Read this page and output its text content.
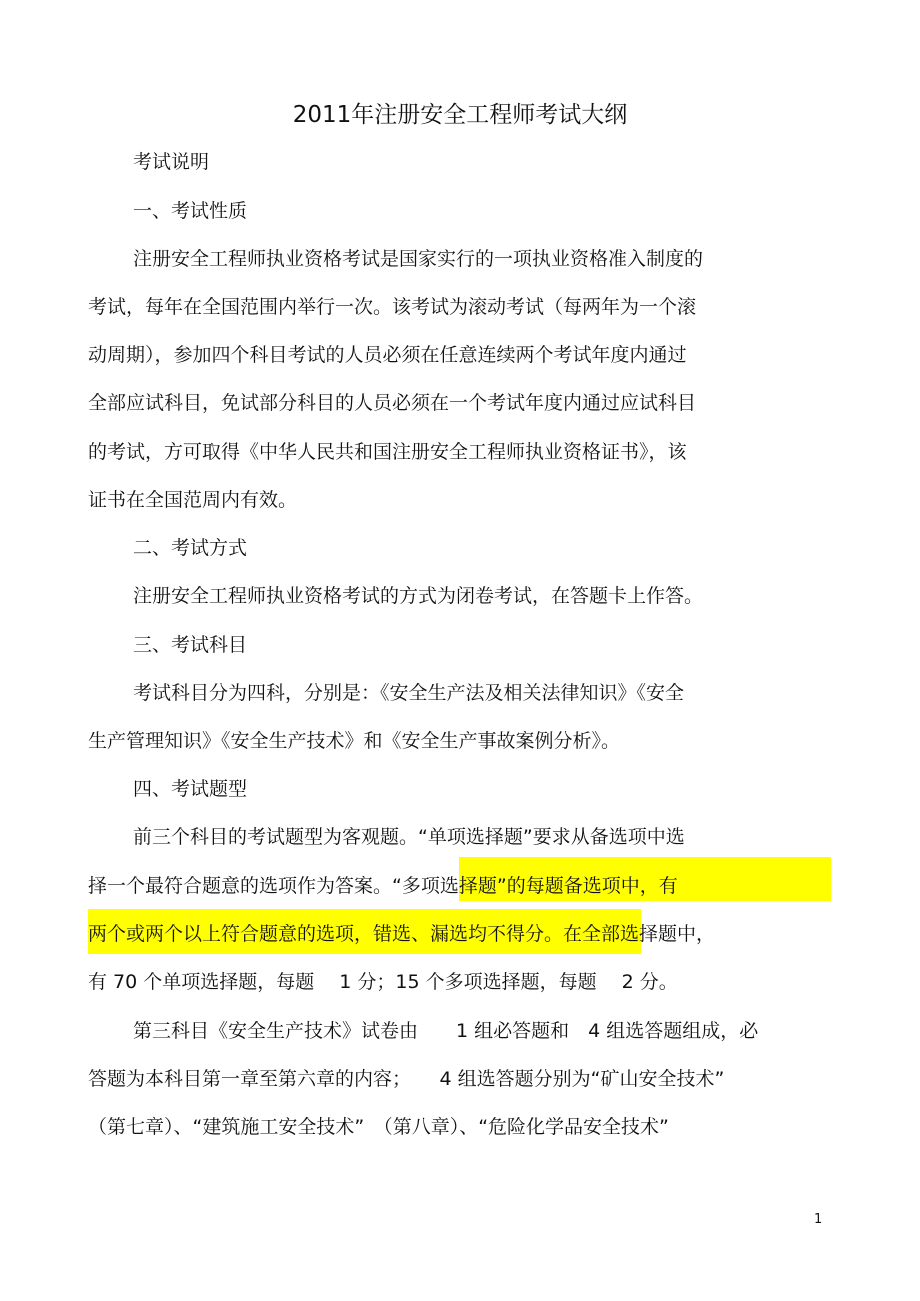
2011年注册安全工程师考试大纲
考试说明
一、考试性质
注册安全工程师执业资格考试是国家实行的一项执业资格准入制度的
考试，每年在全国范围内举行一次。该考试为滚动考试（每两年为一个滚
动周期），参加四个科目考试的人员必须在任意连续两个考试年度内通过
全部应试科目，免试部分科目的人员必须在一个考试年度内通过应试科目
的考试，方可取得《中华人民共和国注册安全工程师执业资格证书》，该
证书在全国范周内有效。
二、考试方式
注册安全工程师执业资格考试的方式为闭卷考试，在答题卡上作答。
三、考试科目
考试科目分为四科，分别是：《安全生产法及相关法律知识》《安全
生产管理知识》《安全生产技术》和《安全生产事故案例分析》。
四、考试题型
前三个科目的考试题型为客观题。“单项选择题”要求从备选项中选
择一个最符合题意的选项作为答案。“多项选择题”的每题备选项中，有
两个或两个以上符合题意的选项，错选、漏选均不得分。在全部选择题中，
有 70 个单项选择题，每题　 1 分；15 个多项选择题，每题　 2 分。
第三科目《安全生产技术》试卷由　　1 组必答题和　4 组选答题组成，必
答题为本科目第一章至第六章的内容；　　4 组选答题分别为“矿山安全技术”
（第七章）、“建筑施工安全技术”　（第八章）、“危险化学品安全技术”
1
